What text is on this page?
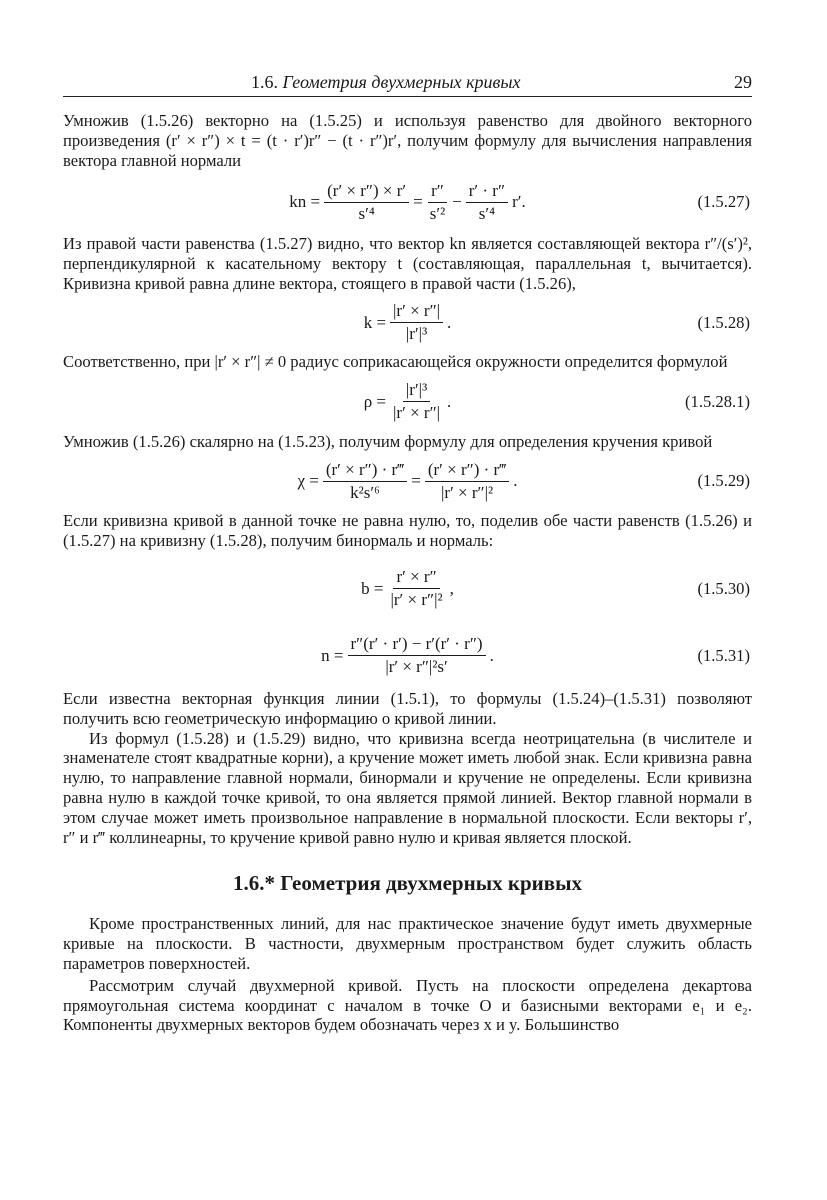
1.6. Геометрия двухмерных кривых	29

Умножив (1.5.26) векторно на (1.5.25) и используя равенство для двойного векторного произведения (r′ × r″) × t = (t · r′)r″ − (t · r″)r′, получим формулу для вычисления направления вектора главной нормали

kn = $\frac{(r' \times r'') \times r'}{\text{s′⁴}} = \frac{r''}{\text{s′²}} - \frac{r' \cdot r''}{\text{s′⁴}} r'$.	(1.5.27)

Из правой части равенства (1.5.27) видно, что вектор kn является составляющей вектора r″/(s′)², перпендикулярной к касательному вектору t (составляющая, параллельная t, вычитается). Кривизна кривой равна длине вектора, стоящего в правой части (1.5.26),

$k = \frac{|r' \times r''|}{\text{|r′|³}}$ .	(1.5.28)

Соответственно, при |r′ × r″| ≠ 0 радиус соприкасающейся окружности определится формулой

$\rho = \frac{\text{|r′|³}}{|r' \times r''|}$ .	(1.5.28.1)

Умножив (1.5.26) скалярно на (1.5.23), получим формулу для определения кручения кривой

$\chi = \frac{(r' \times r'') \cdot r‴}{\text{k²s′⁶}} = \frac{(r' \times r'') \cdot r‴}{\text{|r′ × r″|²}}$ .	(1.5.29)

Если кривизна кривой в данной точке не равна нулю, то, поделив обе части равенств (1.5.26) и (1.5.27) на кривизну (1.5.28), получим бинормаль и нормаль:

$b = \frac{r' \times r''}{\text{|r′ × r″|²}}$ ,	(1.5.30)
$n = \frac{r''(r' \cdot r') - r'(r' \cdot r'')}{\text{|r′ × r″|²s′}}$ .	(1.5.31)

Если известна векторная функция линии (1.5.1), то формулы (1.5.24)–(1.5.31) позволяют получить всю геометрическую информацию о кривой линии.

Из формул (1.5.28) и (1.5.29) видно, что кривизна всегда неотрицательна (в числителе и знаменателе стоят квадратные корни), а кручение может иметь любой знак. Если кривизна равна нулю, то направление главной нормали, бинормали и кручение не определены. Если кривизна равна нулю в каждой точке кривой, то она является прямой линией. Вектор главной нормали в этом случае может иметь произвольное направление в нормальной плоскости. Если векторы r′, r″ и r‴ коллинеарны, то кручение кривой равно нулю и кривая является плоской.

1.6.* Геометрия двухмерных кривых

Кроме пространственных линий, для нас практическое значение будут иметь двухмерные кривые на плоскости. В частности, двухмерным пространством будет служить область параметров поверхностей.

Рассмотрим случай двухмерной кривой. Пусть на плоскости определена декартова прямоугольная система координат с началом в точке O и базисными векторами e₁ и e₂. Компоненты двухмерных векторов будем обозначать через x и y. Большинство
